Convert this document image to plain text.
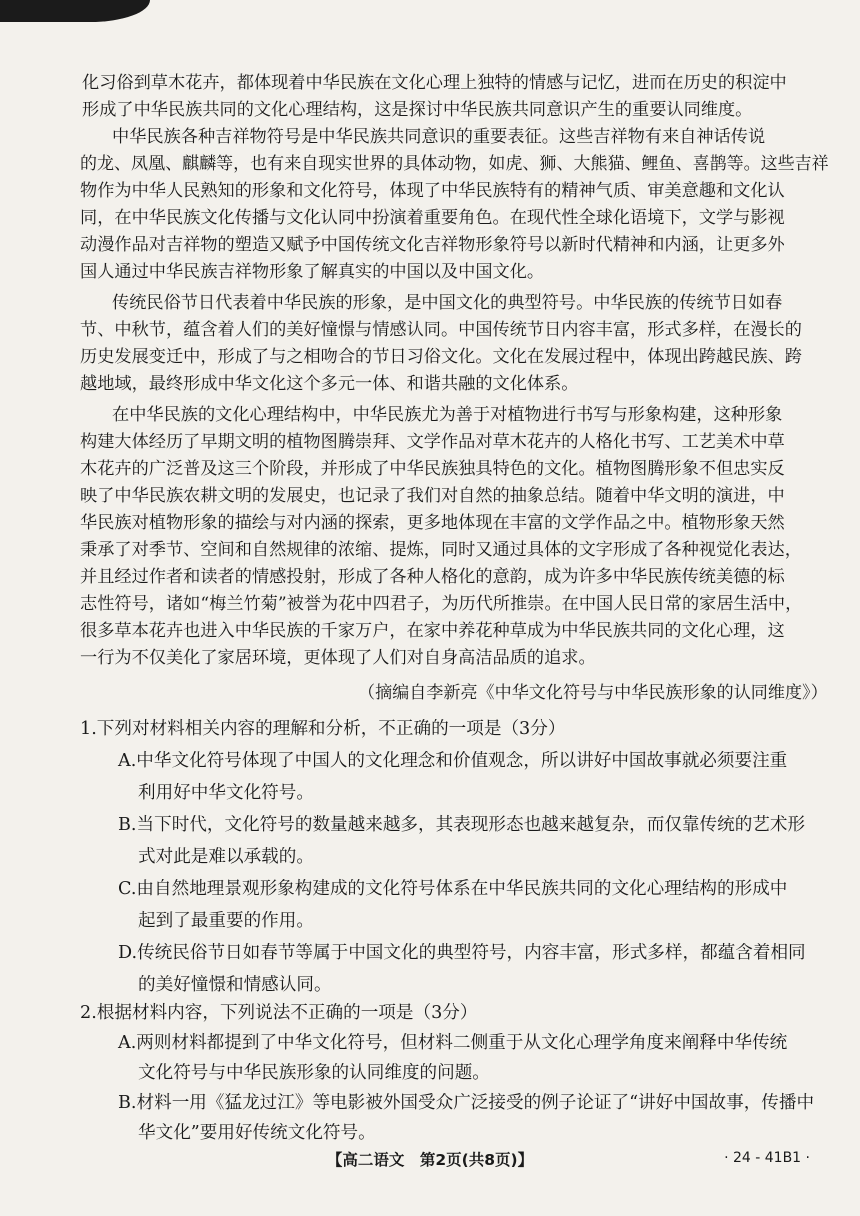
化习俗到草木花卉，都体现着中华民族在文化心理上独特的情感与记忆，进而在历史的积淀中
形成了中华民族共同的文化心理结构，这是探讨中华民族共同意识产生的重要认同维度。
中华民族各种吉祥物符号是中华民族共同意识的重要表征。这些吉祥物有来自神话传说
的龙、凤凰、麒麟等，也有来自现实世界的具体动物，如虎、狮、大熊猫、鲤鱼、喜鹊等。这些吉祥
物作为中华人民熟知的形象和文化符号，体现了中华民族特有的精神气质、审美意趣和文化认
同，在中华民族文化传播与文化认同中扮演着重要角色。在现代性全球化语境下，文学与影视
动漫作品对吉祥物的塑造又赋予中国传统文化吉祥物形象符号以新时代精神和内涵，让更多外
国人通过中华民族吉祥物形象了解真实的中国以及中国文化。
传统民俗节日代表着中华民族的形象，是中国文化的典型符号。中华民族的传统节日如春
节、中秋节，蕴含着人们的美好憧憬与情感认同。中国传统节日内容丰富，形式多样，在漫长的
历史发展变迁中，形成了与之相吻合的节日习俗文化。文化在发展过程中，体现出跨越民族、跨
越地域，最终形成中华文化这个多元一体、和谐共融的文化体系。
在中华民族的文化心理结构中，中华民族尤为善于对植物进行书写与形象构建，这种形象
构建大体经历了早期文明的植物图腾崇拜、文学作品对草木花卉的人格化书写、工艺美术中草
木花卉的广泛普及这三个阶段，并形成了中华民族独具特色的文化。植物图腾形象不但忠实反
映了中华民族农耕文明的发展史，也记录了我们对自然的抽象总结。随着中华文明的演进，中
华民族对植物形象的描绘与对内涵的探索，更多地体现在丰富的文学作品之中。植物形象天然
秉承了对季节、空间和自然规律的浓缩、提炼，同时又通过具体的文字形成了各种视觉化表达，
并且经过作者和读者的情感投射，形成了各种人格化的意韵，成为许多中华民族传统美德的标
志性符号，诸如“梅兰竹菊”被誉为花中四君子，为历代所推崇。在中国人民日常的家居生活中，
很多草本花卉也进入中华民族的千家万户，在家中养花种草成为中华民族共同的文化心理，这
一行为不仅美化了家居环境，更体现了人们对自身高洁品质的追求。
（摘编自李新亮《中华文化符号与中华民族形象的认同维度》）
1.下列对材料相关内容的理解和分析，不正确的一项是（3分）
A.中华文化符号体现了中国人的文化理念和价值观念，所以讲好中国故事就必须要注重
利用好中华文化符号。
B.当下时代，文化符号的数量越来越多，其表现形态也越来越复杂，而仅靠传统的艺术形
式对此是难以承载的。
C.由自然地理景观形象构建成的文化符号体系在中华民族共同的文化心理结构的形成中
起到了最重要的作用。
D.传统民俗节日如春节等属于中国文化的典型符号，内容丰富，形式多样，都蕴含着相同
的美好憧憬和情感认同。
2.根据材料内容，下列说法不正确的一项是（3分）
A.两则材料都提到了中华文化符号，但材料二侧重于从文化心理学角度来阐释中华传统
文化符号与中华民族形象的认同维度的问题。
B.材料一用《猛龙过江》等电影被外国受众广泛接受的例子论证了“讲好中国故事，传播中
华文化”要用好传统文化符号。
【高二语文　第2页(共8页)】	· 24 - 41B1 ·
